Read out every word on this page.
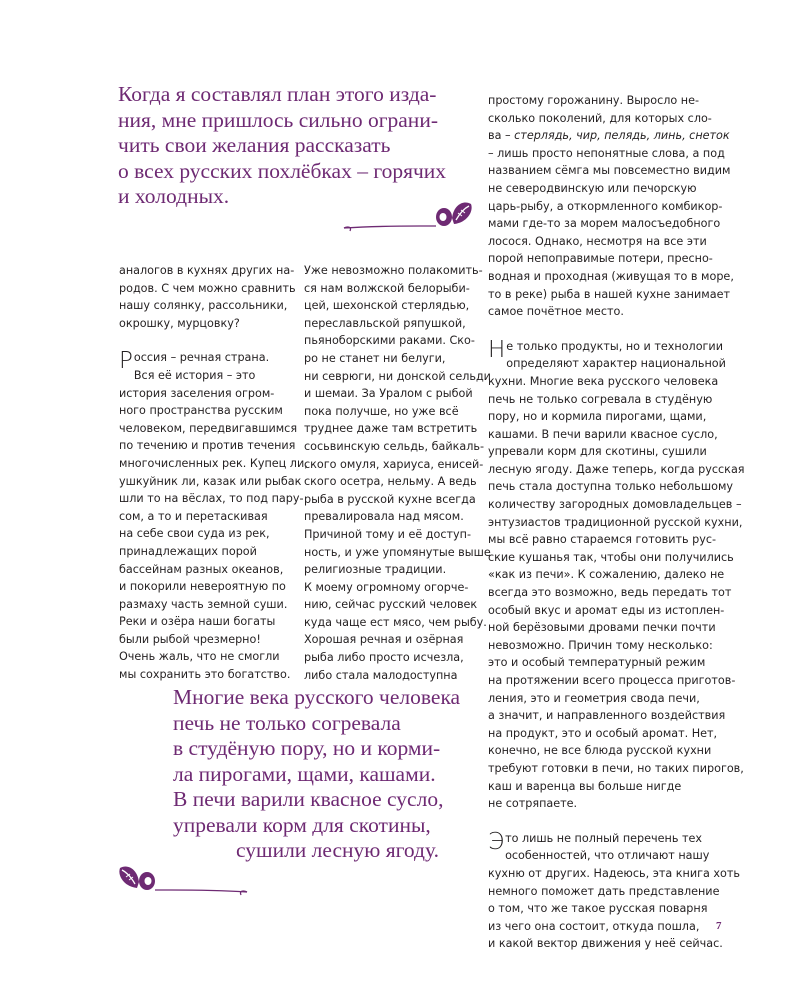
Когда я составлял план этого изда-
ния, мне пришлось сильно ограни-
чить свои желания рассказать
о всех русских похлёбках – горячих
и холодных.
аналогов в кухнях других на-
родов. С чем можно сравнить
нашу солянку, рассольники,
окрошку, мурцовку?
Р оссия – речная страна.
Вся её история – это
история заселения огром-
ного пространства русским
человеком, передвигавшимся
по течению и против течения
многочисленных рек. Купец ли,
ушкуйник ли, казак или рыбак
шли то на вёслах, то под пару-
сом, а то и перетаскивая
на себе свои суда из рек,
принадлежащих порой
бассейнам разных океанов,
и покорили невероятную по
размаху часть земной суши.
Реки и озёра наши богаты
были рыбой чрезмерно!
Очень жаль, что не смогли
мы сохранить это богатство.
Уже невозможно полакомить-
ся нам волжской белорыби-
цей, шехонской стерлядью,
переславльской ряпушкой,
пьяноборскими раками. Ско-
ро не станет ни белуги,
ни севрюги, ни донской сельди
и шемаи. За Уралом с рыбой
пока получше, но уже всё
труднее даже там встретить
сосьвинскую сельдь, байкаль-
ского омуля, хариуса, енисей-
ского осетра, нельму. А ведь
рыба в русской кухне всегда
превалировала над мясом.
Причиной тому и её доступ-
ность, и уже упомянутые выше
религиозные традиции.
К моему огромному огорче-
нию, сейчас русский человек
куда чаще ест мясо, чем рыбу.
Хорошая речная и озёрная
рыба либо просто исчезла,
либо стала малодоступна
простому горожанину. Выросло не-
сколько поколений, для которых сло-
ва – стерлядь, чир, пелядь, линь, снеток
– лишь просто непонятные слова, а под
названием сёмга мы повсеместно видим
не северодвинскую или печорскую
царь-рыбу, а откормленного комбикор-
мами где-то за морем малосъедобного
лосося. Однако, несмотря на все эти
порой непоправимые потери, пресно-
водная и проходная (живущая то в море,
то в реке) рыба в нашей кухне занимает
самое почётное место.
Н е только продукты, но и технологии
определяют характер национальной
кухни. Многие века русского человека
печь не только согревала в студёную
пору, но и кормила пирогами, щами,
кашами. В печи варили квасное сусло,
упревали корм для скотины, сушили
лесную ягоду. Даже теперь, когда русская
печь стала доступна только небольшому
количеству загородных домовладельцев –
энтузиастов традиционной русской кухни,
мы всё равно стараемся готовить рус-
ские кушанья так, чтобы они получились
«как из печи». К сожалению, далеко не
всегда это возможно, ведь передать тот
особый вкус и аромат еды из истоплен-
ной берёзовыми дровами печки почти
невозможно. Причин тому несколько:
это и особый температурный режим
на протяжении всего процесса приготов-
ления, это и геометрия свода печи,
а значит, и направленного воздействия
на продукт, это и особый аромат. Нет,
конечно, не все блюда русской кухни
требуют готовки в печи, но таких пирогов,
каш и варенца вы больше нигде
не сотряпаете.
Э то лишь не полный перечень тех
особенностей, что отличают нашу
кухню от других. Надеюсь, эта книга хоть
немного поможет дать представление
о том, что же такое русская поварня
из чего она состоит, откуда пошла,
и какой вектор движения у неё сейчас.
Многие века русского человека
печь не только согревала
в студёную пору, но и корми-
ла пирогами, щами, кашами.
В печи варили квасное сусло,
упревали корм для скотины,
сушили лесную ягоду.
7
